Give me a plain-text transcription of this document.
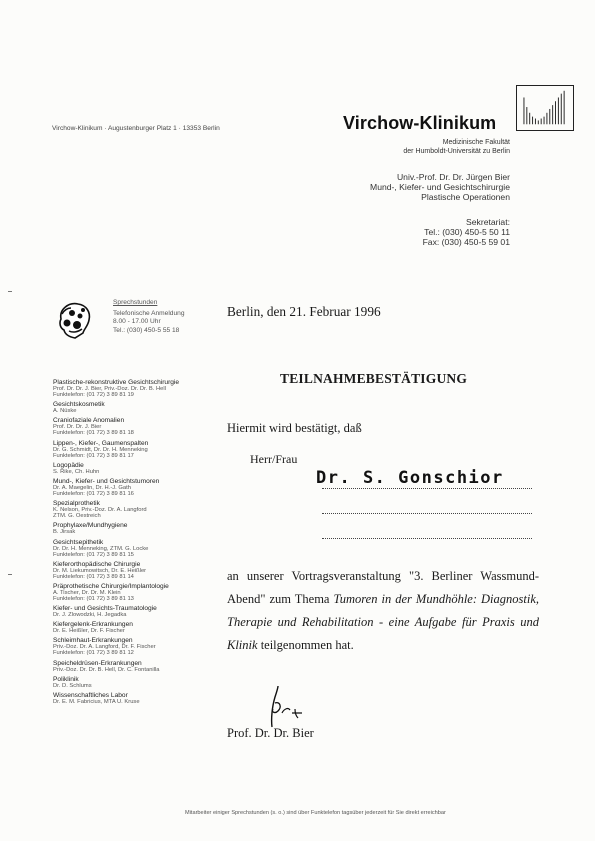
Virchow-Klinikum · Augustenburger Platz 1 · 13353 Berlin	Virchow-Klinikum
Medizinische Fakultät
der Humboldt-Universität zu Berlin
Univ.-Prof. Dr. Dr. Jürgen Bier
Mund-, Kiefer- und Gesichtschirurgie
Plastische Operationen
Sekretariat:
Tel.: (030) 450-5 50 11
Fax: (030) 450-5 59 01
Sprechstunden
Telefonische Anmeldung
8.00 - 17.00 Uhr
Tel.: (030) 450-5 55 18
Plastische-rekonstruktive Gesichtschirurgie
Prof. Dr. Dr. J. Bier, Priv.-Doz. Dr. Dr. B. Hell
Funktelefon: (01 72) 3 89 81 19
Gesichtskosmetik
A. Nüske
Craniofaziale Anomalien
Prof. Dr. Dr. J. Bier
Funktelefon: (01 72) 3 89 81 18
Lippen-, Kiefer-, Gaumenspalten
Dr. G. Schmidt, Dr. Dr. H. Menneking
Funktelefon: (01 72) 3 89 81 17
Logopädie
S. Rike, Ch. Huhn
Mund-, Kiefer- und Gesichtstumoren
Dr. A. Maegelin, Dr. H.-J. Gath
Funktelefon: (01 72) 3 89 81 16
Spezialprothetik
K. Nelson, Priv.-Doz. Dr. A. Langford
ZTM. G. Oestreich
Prophylaxe/Mundhygiene
B. Jirsak
Gesichtsepithetik
Dr. Dr. H. Menneking, ZTM. G. Locke
Funktelefon: (01 72) 3 89 81 15
Kieferorthopädische Chirurgie
Dr. M. Liekumowitsch, Dr. E. Heißler
Funktelefon: (01 72) 3 89 81 14
Präprothetische Chirurgie/Implantologie
A. Tischer, Dr. Dr. M. Klein
Funktelefon: (01 72) 3 89 81 13
Kiefer- und Gesichts-Traumatologie
Dr. J. Zlowodzki, H. Jegadka
Kiefergelenk-Erkrankungen
Dr. E. Heißler, Dr. F. Fischer
Schleimhaut-Erkrankungen
Priv.-Doz. Dr. A. Langford, Dr. F. Fischer
Funktelefon: (01 72) 3 89 81 12
Speicheldrüsen-Erkrankungen
Priv.-Doz. Dr. Dr. B. Hell, Dr. C. Fontanilla
Poliklinik
Dr. D. Schlums
Wissenschaftliches Labor
Dr. E. M. Fabricius, MTA U. Kruse
Berlin, den 21. Februar 1996
TEILNAHMEBESTÄTIGUNG
Hiermit wird bestätigt, daß
Herr/Frau
Dr. S. Gonschior
an unserer Vortragsveranstaltung "3. Berliner Wassmund-Abend" zum Thema Tumoren in der Mundhöhle: Diagnostik, Therapie und Rehabilitation - eine Aufgabe für Praxis und Klinik teilgenommen hat.
Prof. Dr. Dr. Bier
Mitarbeiter einiger Sprechstunden (s. o.) sind über Funktelefon tagsüber jederzeit für Sie direkt erreichbar
